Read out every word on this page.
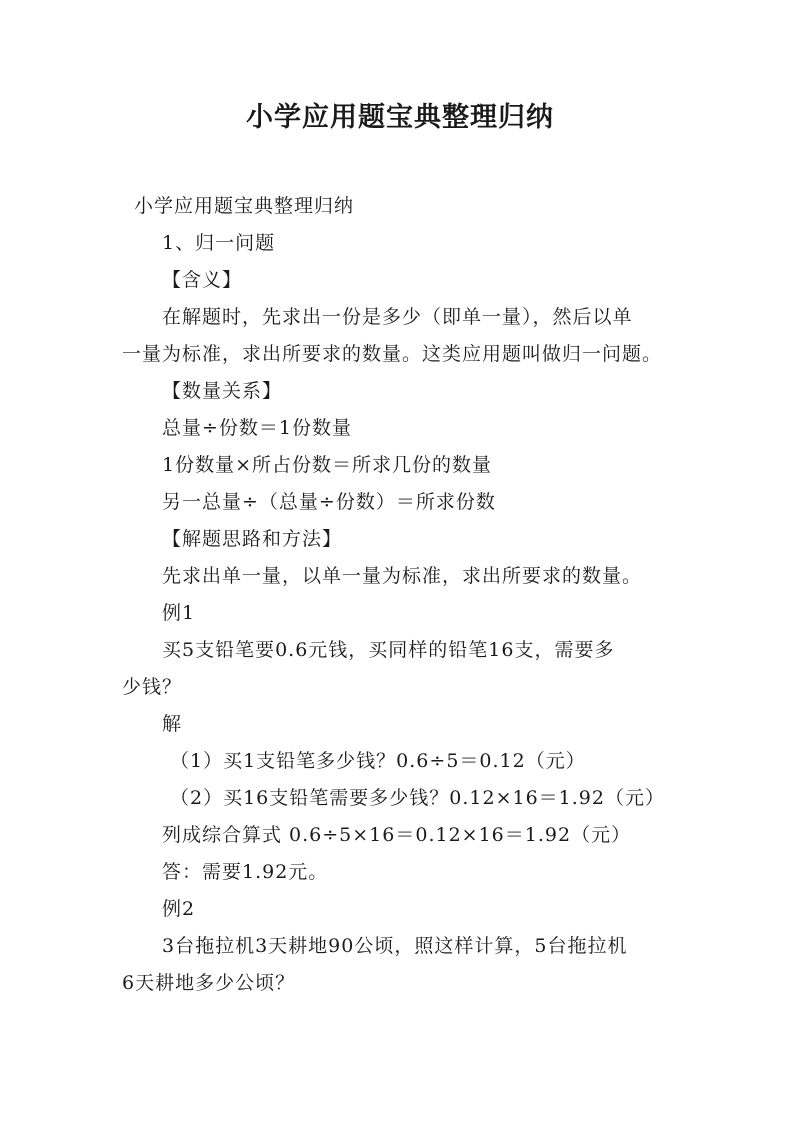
小学应用题宝典整理归纳
小学应用题宝典整理归纳
1、归一问题
【含义】
在解题时，先求出一份是多少（即单一量），然后以单
一量为标准，求出所要求的数量。这类应用题叫做归一问题。
【数量关系】
总量÷份数＝1份数量
1份数量×所占份数＝所求几份的数量
另一总量÷（总量÷份数）＝所求份数
【解题思路和方法】
先求出单一量，以单一量为标准，求出所要求的数量。
例1
买5支铅笔要0.6元钱，买同样的铅笔16支，需要多
少钱？
解
（1）买1支铅笔多少钱？0.6÷5＝0.12（元）
（2）买16支铅笔需要多少钱？0.12×16＝1.92（元）
列成综合算式 0.6÷5×16＝0.12×16＝1.92（元）
答：需要1.92元。
例2
3台拖拉机3天耕地90公顷，照这样计算，5台拖拉机
6天耕地多少公顷？
